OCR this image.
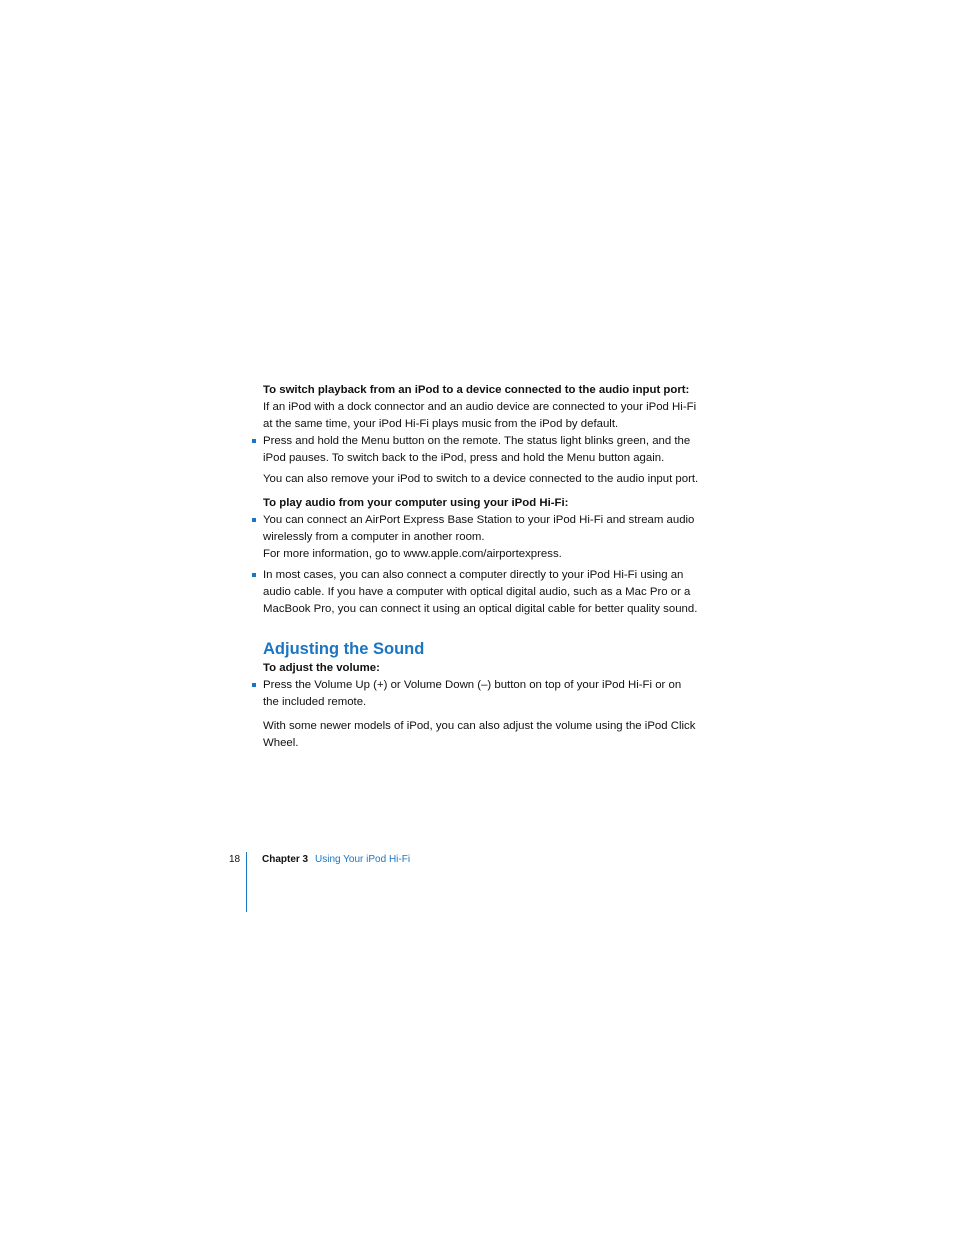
To switch playback from an iPod to a device connected to the audio input port:

If an iPod with a dock connector and an audio device are connected to your iPod Hi-Fi

at the same time, your iPod Hi-Fi plays music from the iPod by default.

Press and hold the Menu button on the remote. The status light blinks green, and the

iPod pauses. To switch back to the iPod, press and hold the Menu button again.

You can also remove your iPod to switch to a device connected to the audio input port.

To play audio from your computer using your iPod Hi-Fi:

You can connect an AirPort Express Base Station to your iPod Hi-Fi and stream audio

wirelessly from a computer in another room.

For more information, go to www.apple.com/airportexpress.

In most cases, you can also connect a computer directly to your iPod Hi-Fi using an

audio cable. If you have a computer with optical digital audio, such as a Mac Pro or a

MacBook Pro, you can connect it using an optical digital cable for better quality sound.

Adjusting the Sound

To adjust the volume:

Press the Volume Up (+) or Volume Down (–) button on top of your iPod Hi-Fi or on

the included remote.

With some newer models of iPod, you can also adjust the volume using the iPod Click

Wheel.

18 Chapter 3 Using Your iPod Hi-Fi
